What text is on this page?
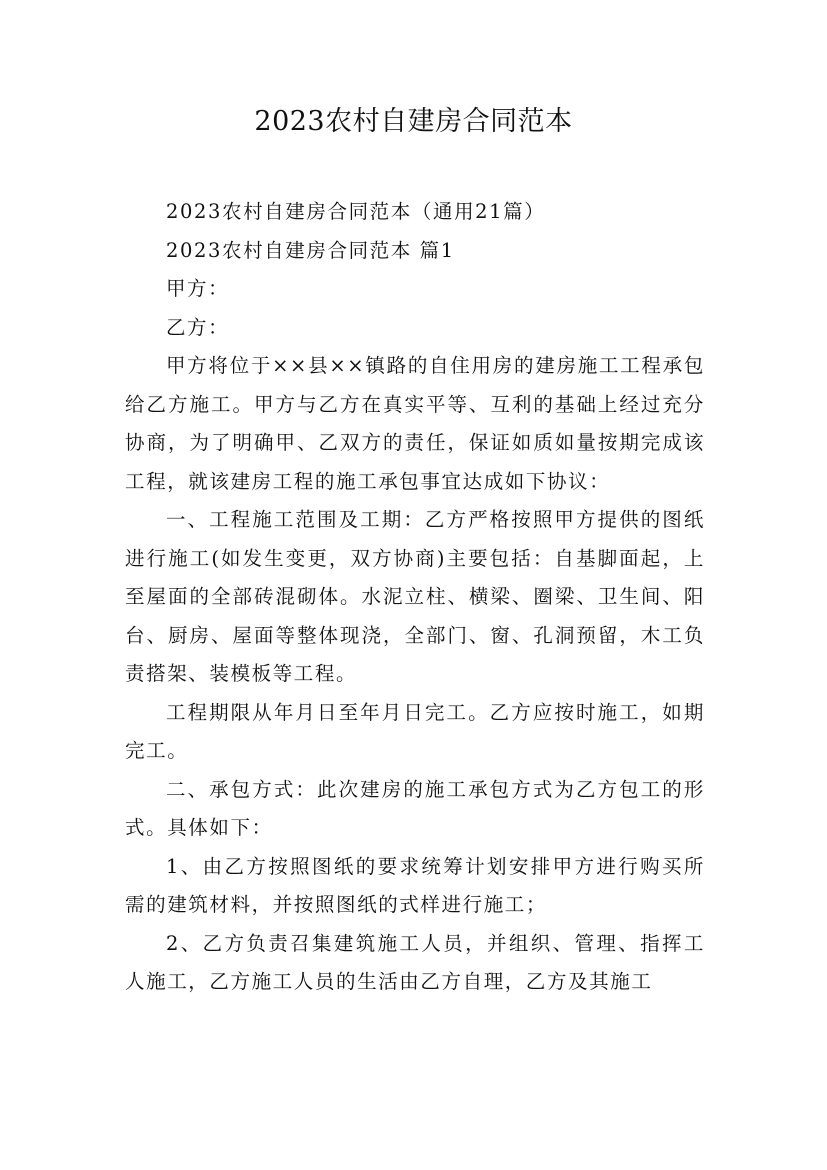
2023农村自建房合同范本

2023农村自建房合同范本（通用21篇）

2023农村自建房合同范本 篇1

甲方：

乙方：

甲方将位于××县××镇路的自住用房的建房施工工程承包给乙方施工。甲方与乙方在真实平等、互利的基础上经过充分协商，为了明确甲、乙双方的责任，保证如质如量按期完成该工程，就该建房工程的施工承包事宜达成如下协议：

一、工程施工范围及工期：乙方严格按照甲方提供的图纸进行施工(如发生变更，双方协商)主要包括：自基脚面起，上至屋面的全部砖混砌体。水泥立柱、横梁、圈梁、卫生间、阳台、厨房、屋面等整体现浇，全部门、窗、孔洞预留，木工负责搭架、装模板等工程。

工程期限从年月日至年月日完工。乙方应按时施工，如期完工。

二、承包方式：此次建房的施工承包方式为乙方包工的形式。具体如下：

1、由乙方按照图纸的要求统筹计划安排甲方进行购买所需的建筑材料，并按照图纸的式样进行施工；

2、乙方负责召集建筑施工人员，并组织、管理、指挥工人施工，乙方施工人员的生活由乙方自理，乙方及其施工
